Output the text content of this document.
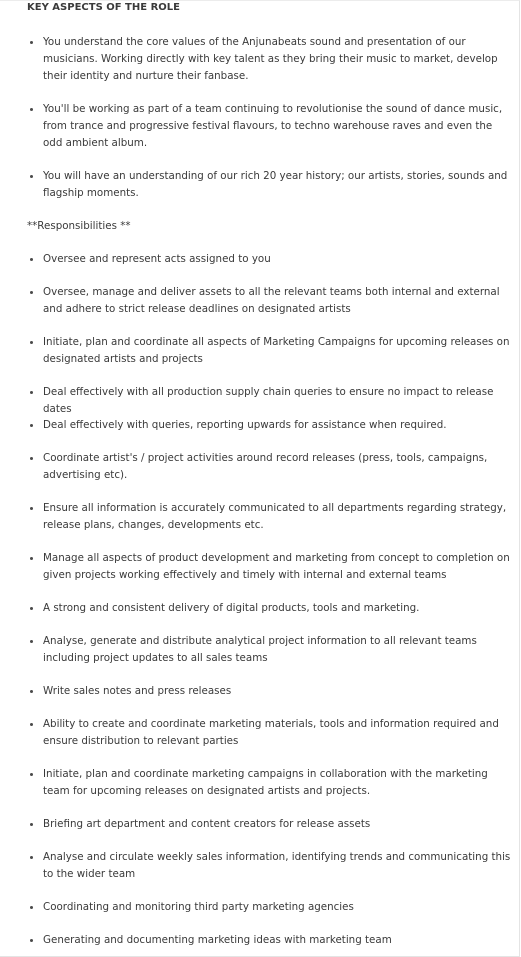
KEY ASPECTS OF THE ROLE
You understand the core values of the Anjunabeats sound and presentation of our musicians. Working directly with key talent as they bring their music to market, develop their identity and nurture their fanbase.
You'll be working as part of a team continuing to revolutionise the sound of dance music, from trance and progressive festival flavours, to techno warehouse raves and even the odd ambient album.
You will have an understanding of our rich 20 year history; our artists, stories, sounds and flagship moments.

**Responsibilities **

Oversee and represent acts assigned to you
Oversee, manage and deliver assets to all the relevant teams both internal and external and adhere to strict release deadlines on designated artists
Initiate, plan and coordinate all aspects of Marketing Campaigns for upcoming releases on designated artists and projects
Deal effectively with all production supply chain queries to ensure no impact to release dates
Deal effectively with queries, reporting upwards for assistance when required.
Coordinate artist's / project activities around record releases (press, tools, campaigns, advertising etc).
Ensure all information is accurately communicated to all departments regarding strategy, release plans, changes, developments etc.
Manage all aspects of product development and marketing from concept to completion on given projects working effectively and timely with internal and external teams
A strong and consistent delivery of digital products, tools and marketing.
Analyse, generate and distribute analytical project information to all relevant teams including project updates to all sales teams
Write sales notes and press releases
Ability to create and coordinate marketing materials, tools and information required and ensure distribution to relevant parties
Initiate, plan and coordinate marketing campaigns in collaboration with the marketing team for upcoming releases on designated artists and projects.
Briefing art department and content creators for release assets
Analyse and circulate weekly sales information, identifying trends and communicating this to the wider team
Coordinating and monitoring third party marketing agencies
Generating and documenting marketing ideas with marketing team
